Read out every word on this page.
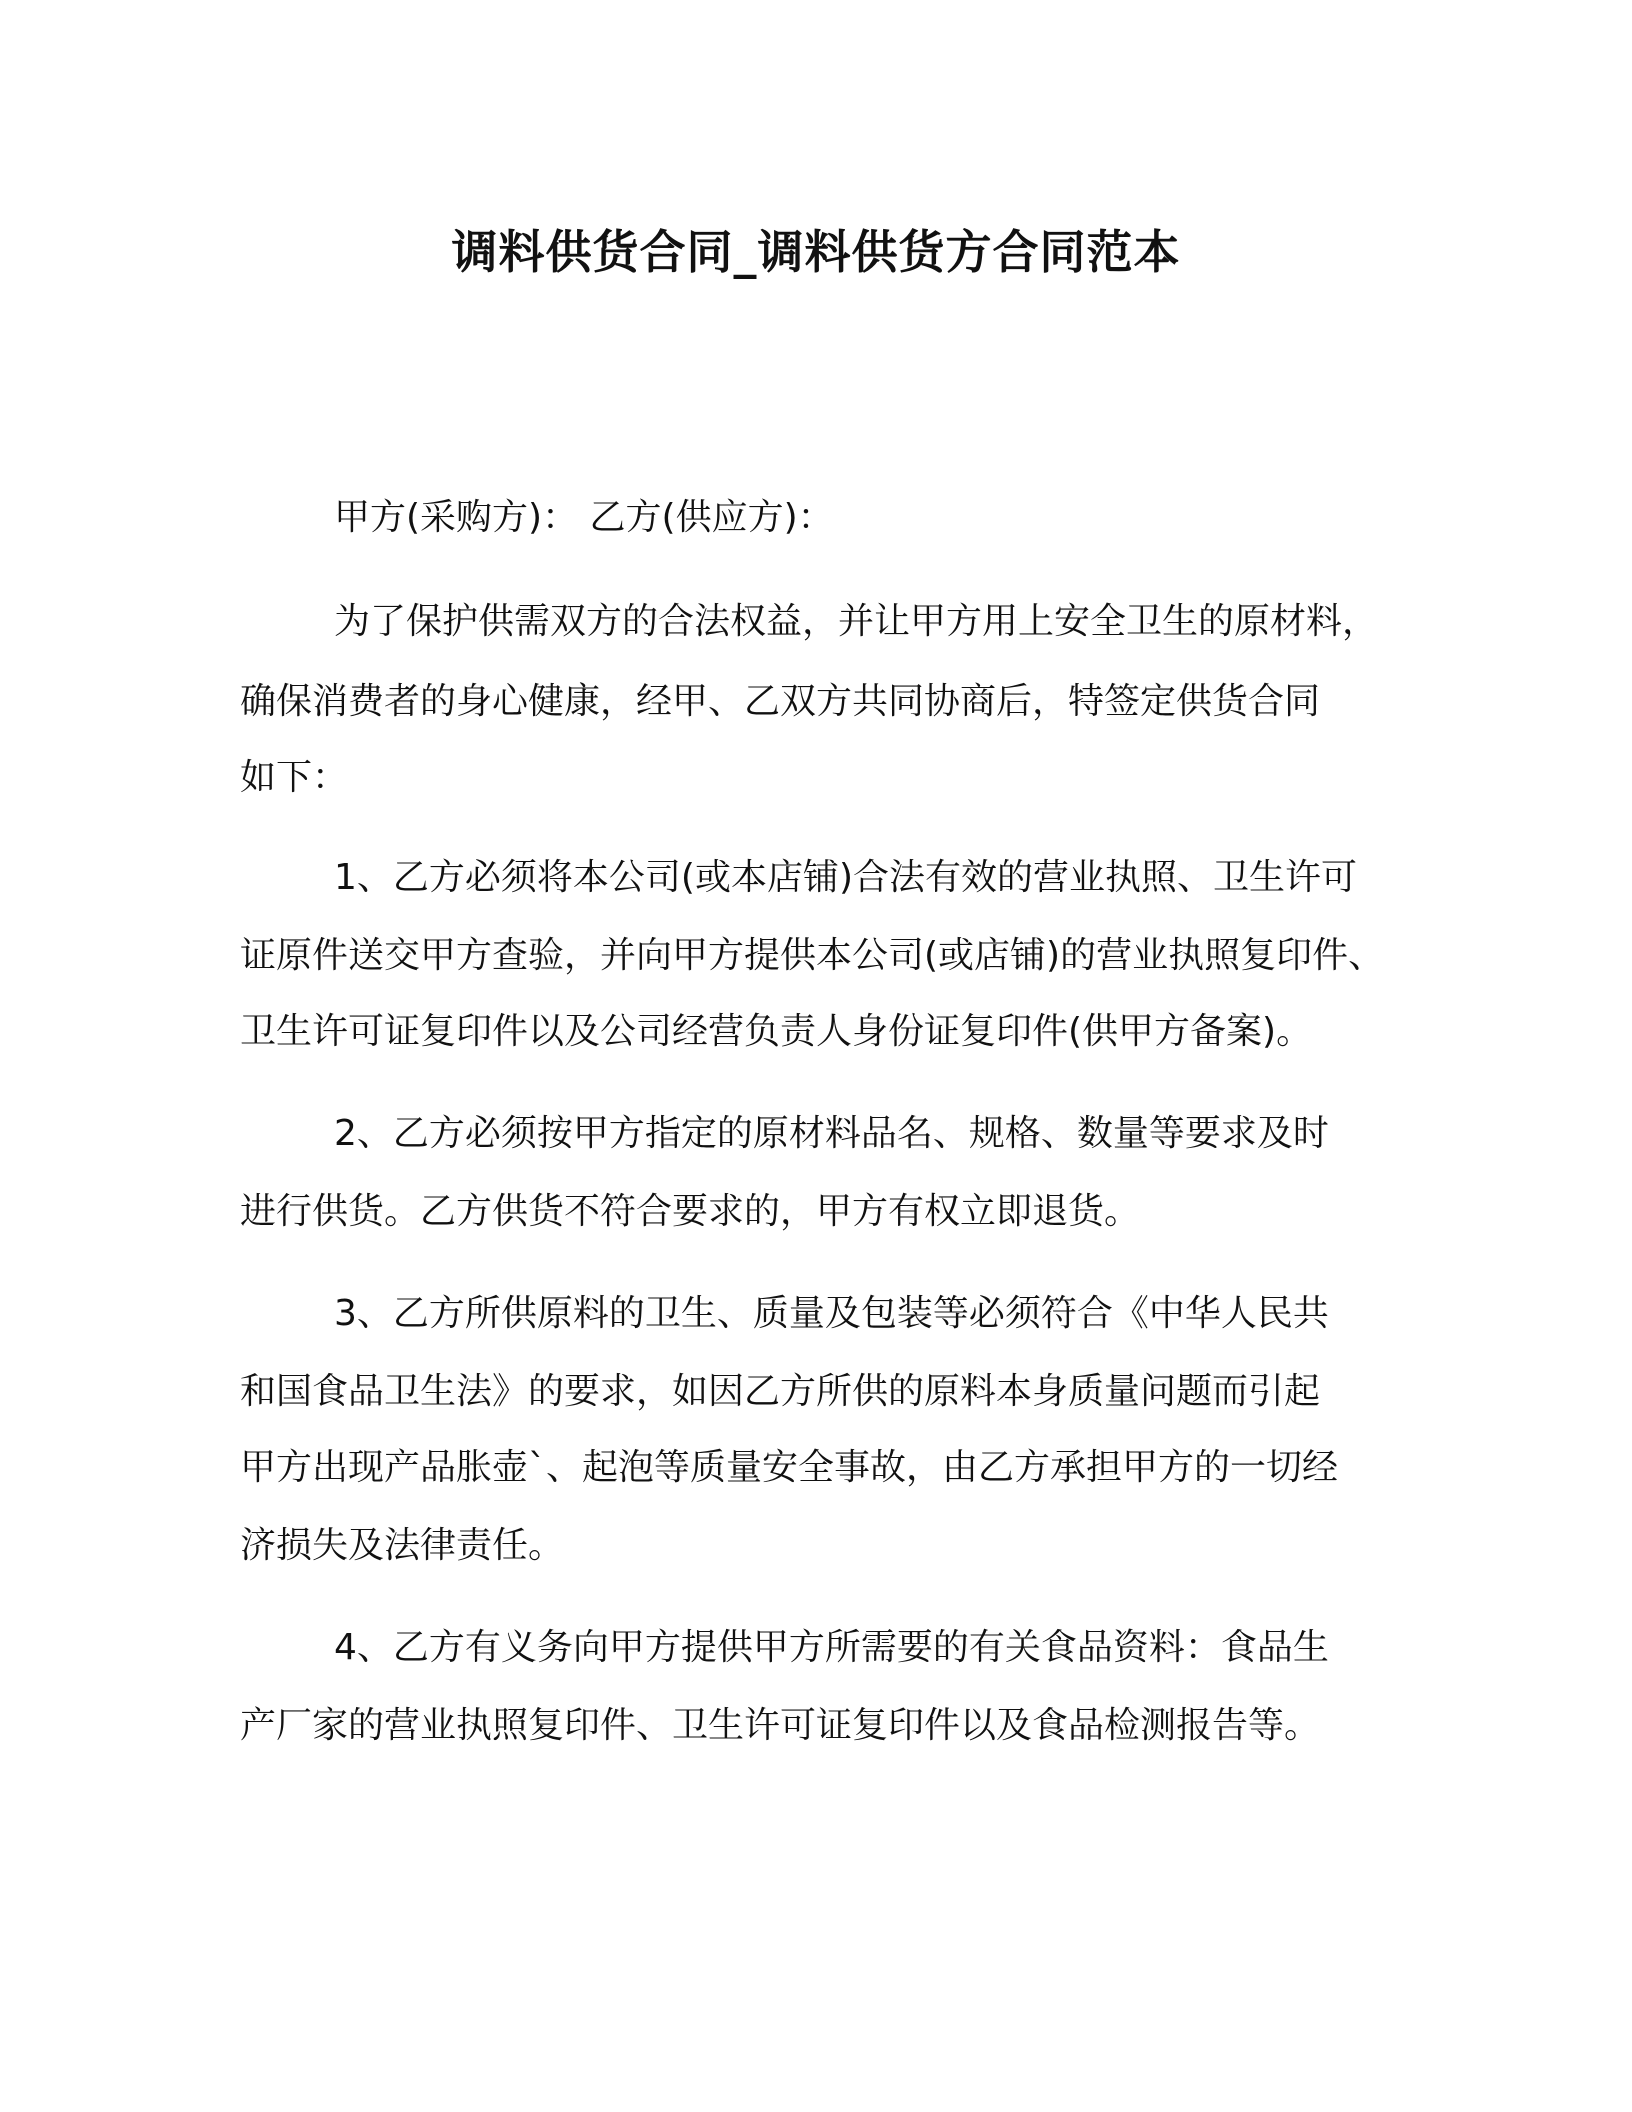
调料供货合同_调料供货方合同范本

甲方(采购方)： 乙方(供应方)：

为了保护供需双方的合法权益，并让甲方用上安全卫生的原材料，

确保消费者的身心健康，经甲、乙双方共同协商后，特签定供货合同

如下：

1、乙方必须将本公司(或本店铺)合法有效的营业执照、卫生许可

证原件送交甲方查验，并向甲方提供本公司(或店铺)的营业执照复印件、

卫生许可证复印件以及公司经营负责人身份证复印件(供甲方备案)。

2、乙方必须按甲方指定的原材料品名、规格、数量等要求及时

进行供货。乙方供货不符合要求的，甲方有权立即退货。

3、乙方所供原料的卫生、质量及包装等必须符合《中华人民共

和国食品卫生法》的要求，如因乙方所供的原料本身质量问题而引起

甲方出现产品胀壶`、起泡等质量安全事故，由乙方承担甲方的一切经

济损失及法律责任。

4、乙方有义务向甲方提供甲方所需要的有关食品资料：食品生

产厂家的营业执照复印件、卫生许可证复印件以及食品检测报告等。
